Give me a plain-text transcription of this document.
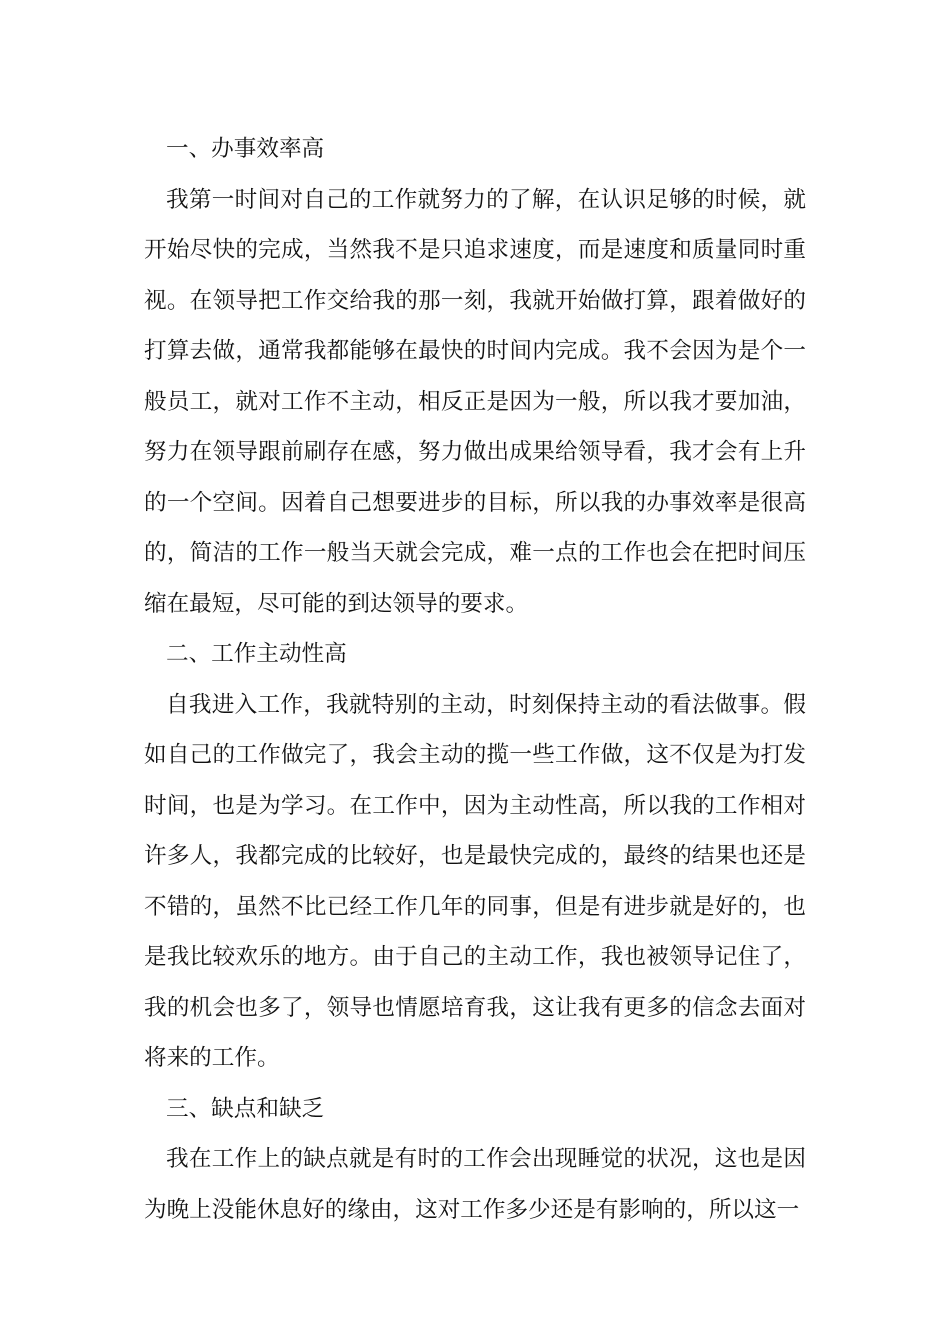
一、办事效率高

我第一时间对自己的工作就努力的了解，在认识足够的时候，就开始尽快的完成，当然我不是只追求速度，而是速度和质量同时重视。在领导把工作交给我的那一刻，我就开始做打算，跟着做好的打算去做，通常我都能够在最快的时间内完成。我不会因为是个一般员工，就对工作不主动，相反正是因为一般，所以我才要加油，努力在领导跟前刷存在感，努力做出成果给领导看，我才会有上升的一个空间。因着自己想要进步的目标，所以我的办事效率是很高的，简洁的工作一般当天就会完成，难一点的工作也会在把时间压缩在最短，尽可能的到达领导的要求。

二、工作主动性高

自我进入工作，我就特别的主动，时刻保持主动的看法做事。假如自己的工作做完了，我会主动的揽一些工作做，这不仅是为打发时间，也是为学习。在工作中，因为主动性高，所以我的工作相对许多人，我都完成的比较好，也是最快完成的，最终的结果也还是不错的，虽然不比已经工作几年的同事，但是有进步就是好的，也是我比较欢乐的地方。由于自己的主动工作，我也被领导记住了，我的机会也多了，领导也情愿培育我，这让我有更多的信念去面对将来的工作。

三、缺点和缺乏

我在工作上的缺点就是有时的工作会出现睡觉的状况，这也是因为晚上没能休息好的缘由，这对工作多少还是有影响的，所以这一
